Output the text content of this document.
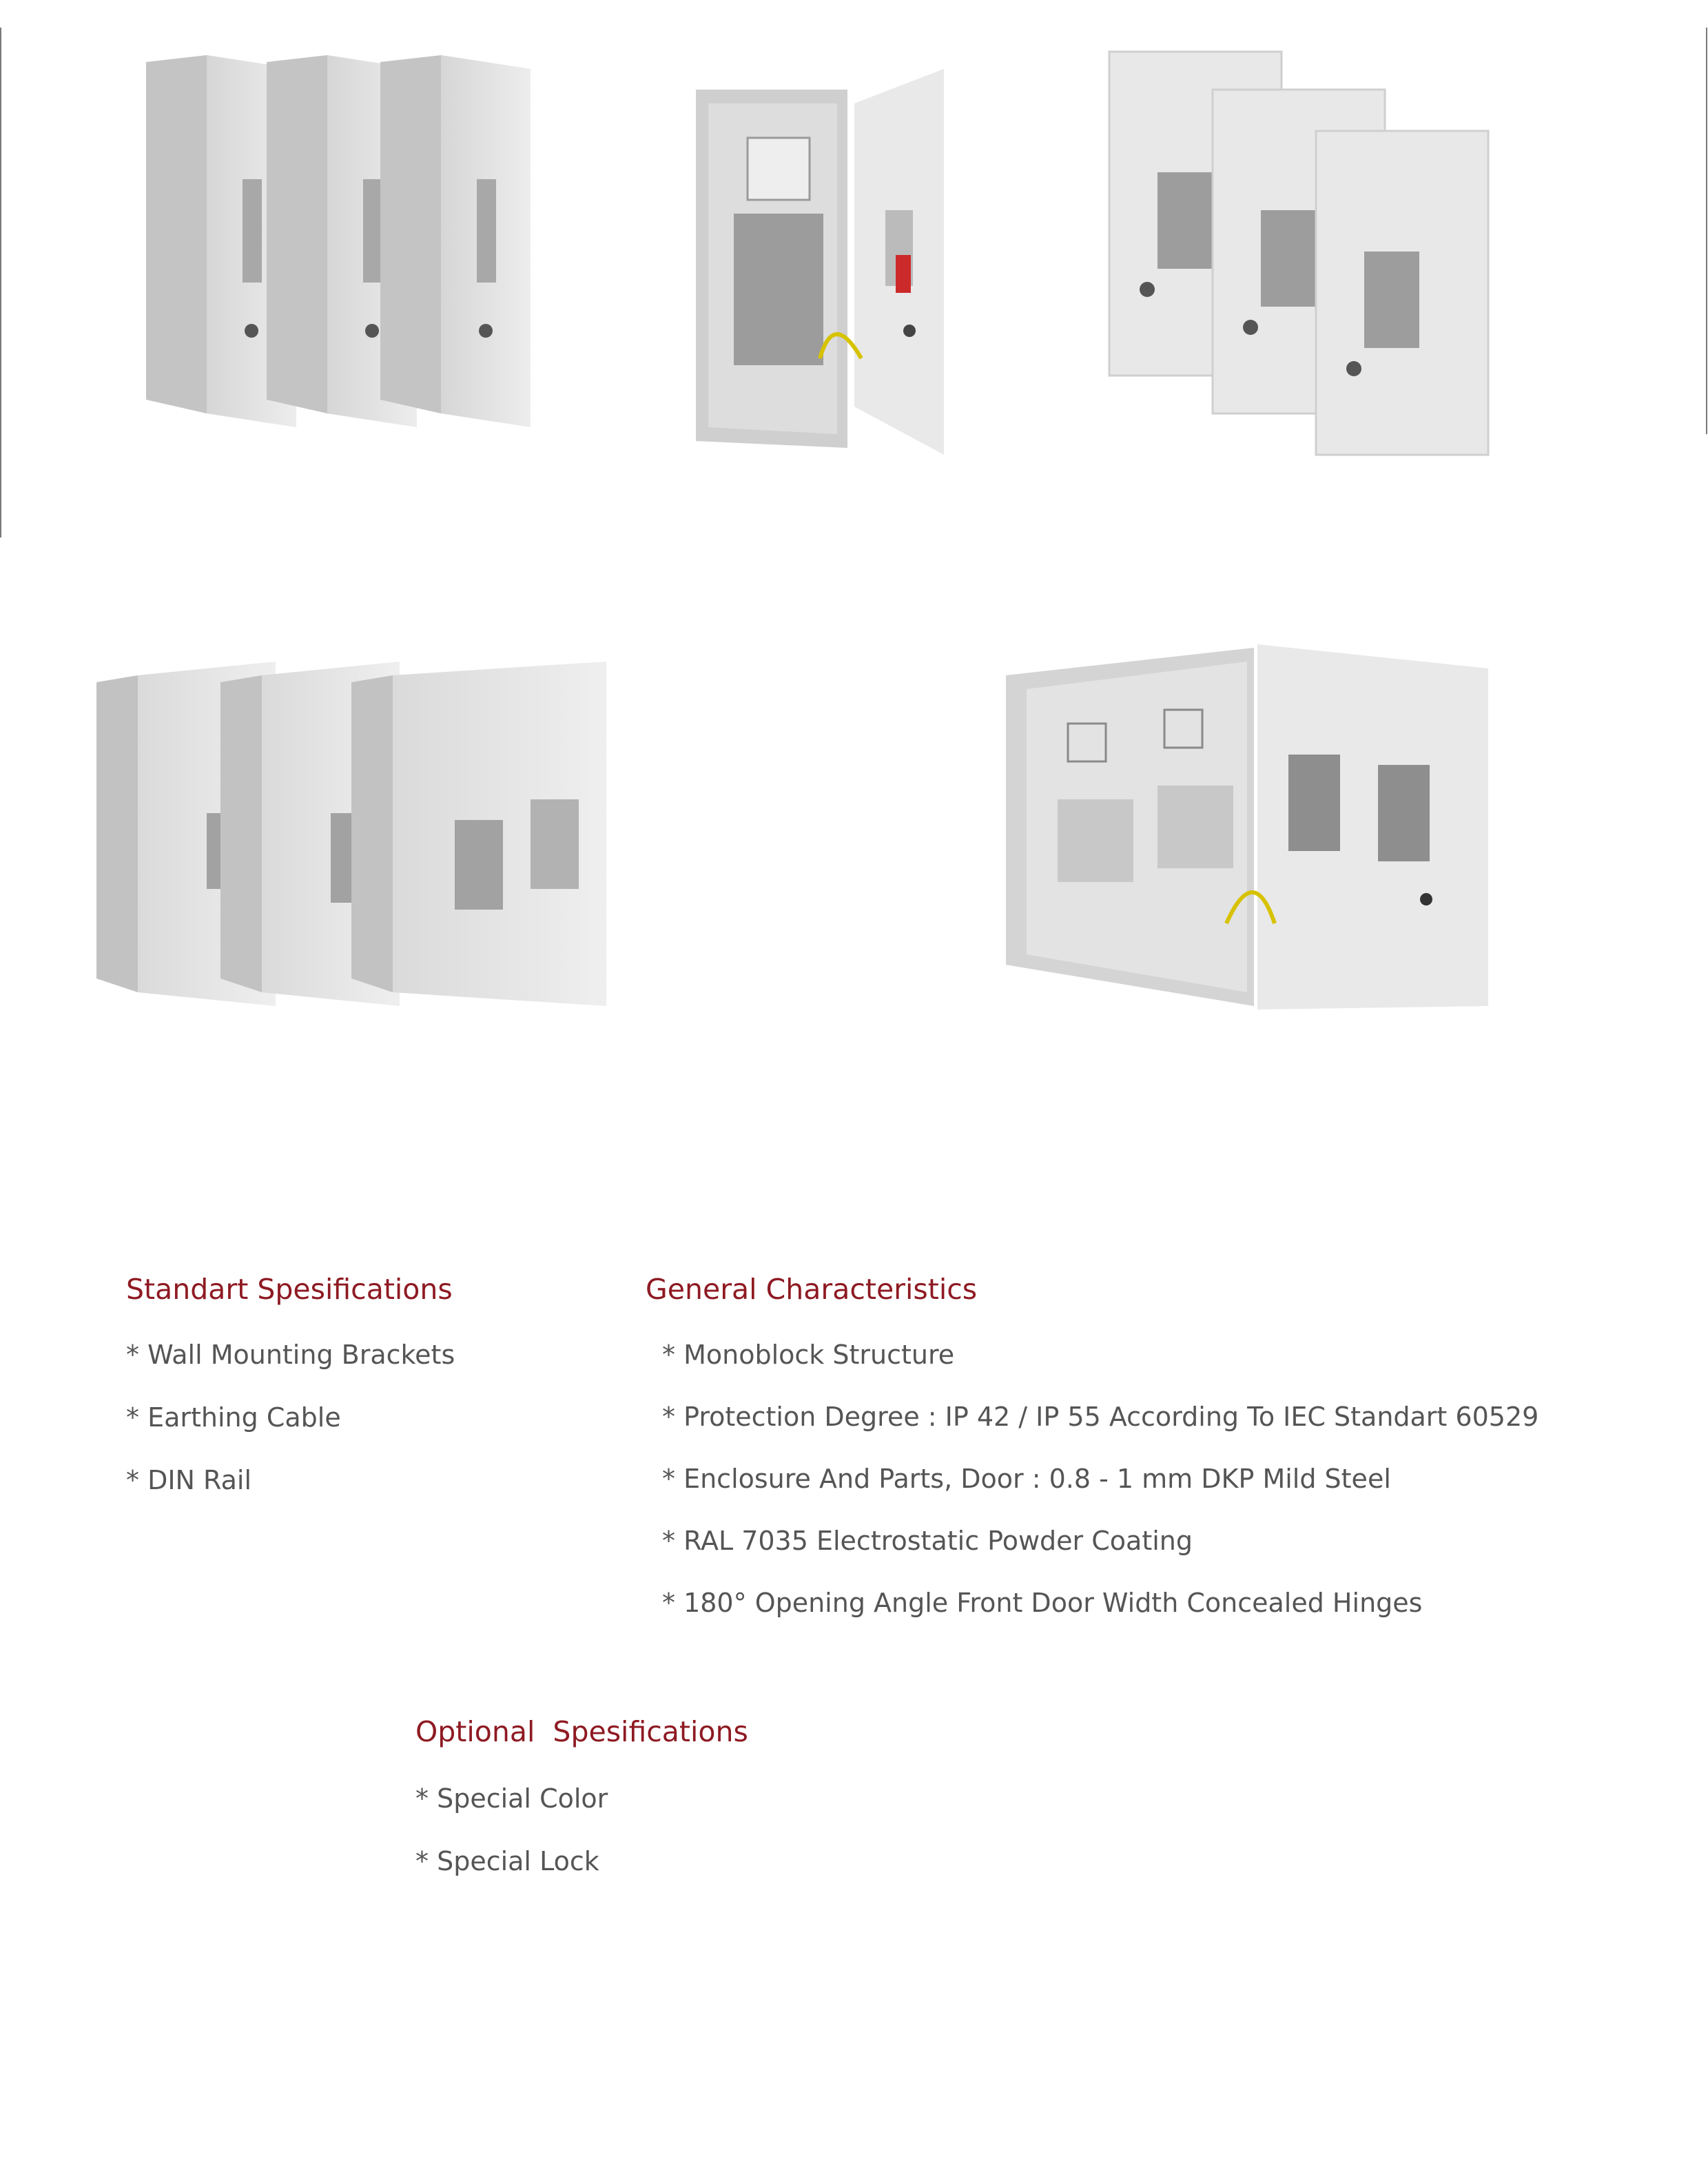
Standart Spesifications
* Wall Mounting Brackets
* Earthing Cable
* DIN Rail
General Characteristics
* Monoblock Structure
* Protection Degree : IP 42 / IP 55 According To IEC Standart 60529
* Enclosure And Parts, Door : 0.8 - 1 mm DKP Mild Steel
* RAL 7035 Electrostatic Powder Coating
* 180° Opening Angle Front Door Width Concealed Hinges
Optional  Spesifications
* Special Color
* Special Lock
